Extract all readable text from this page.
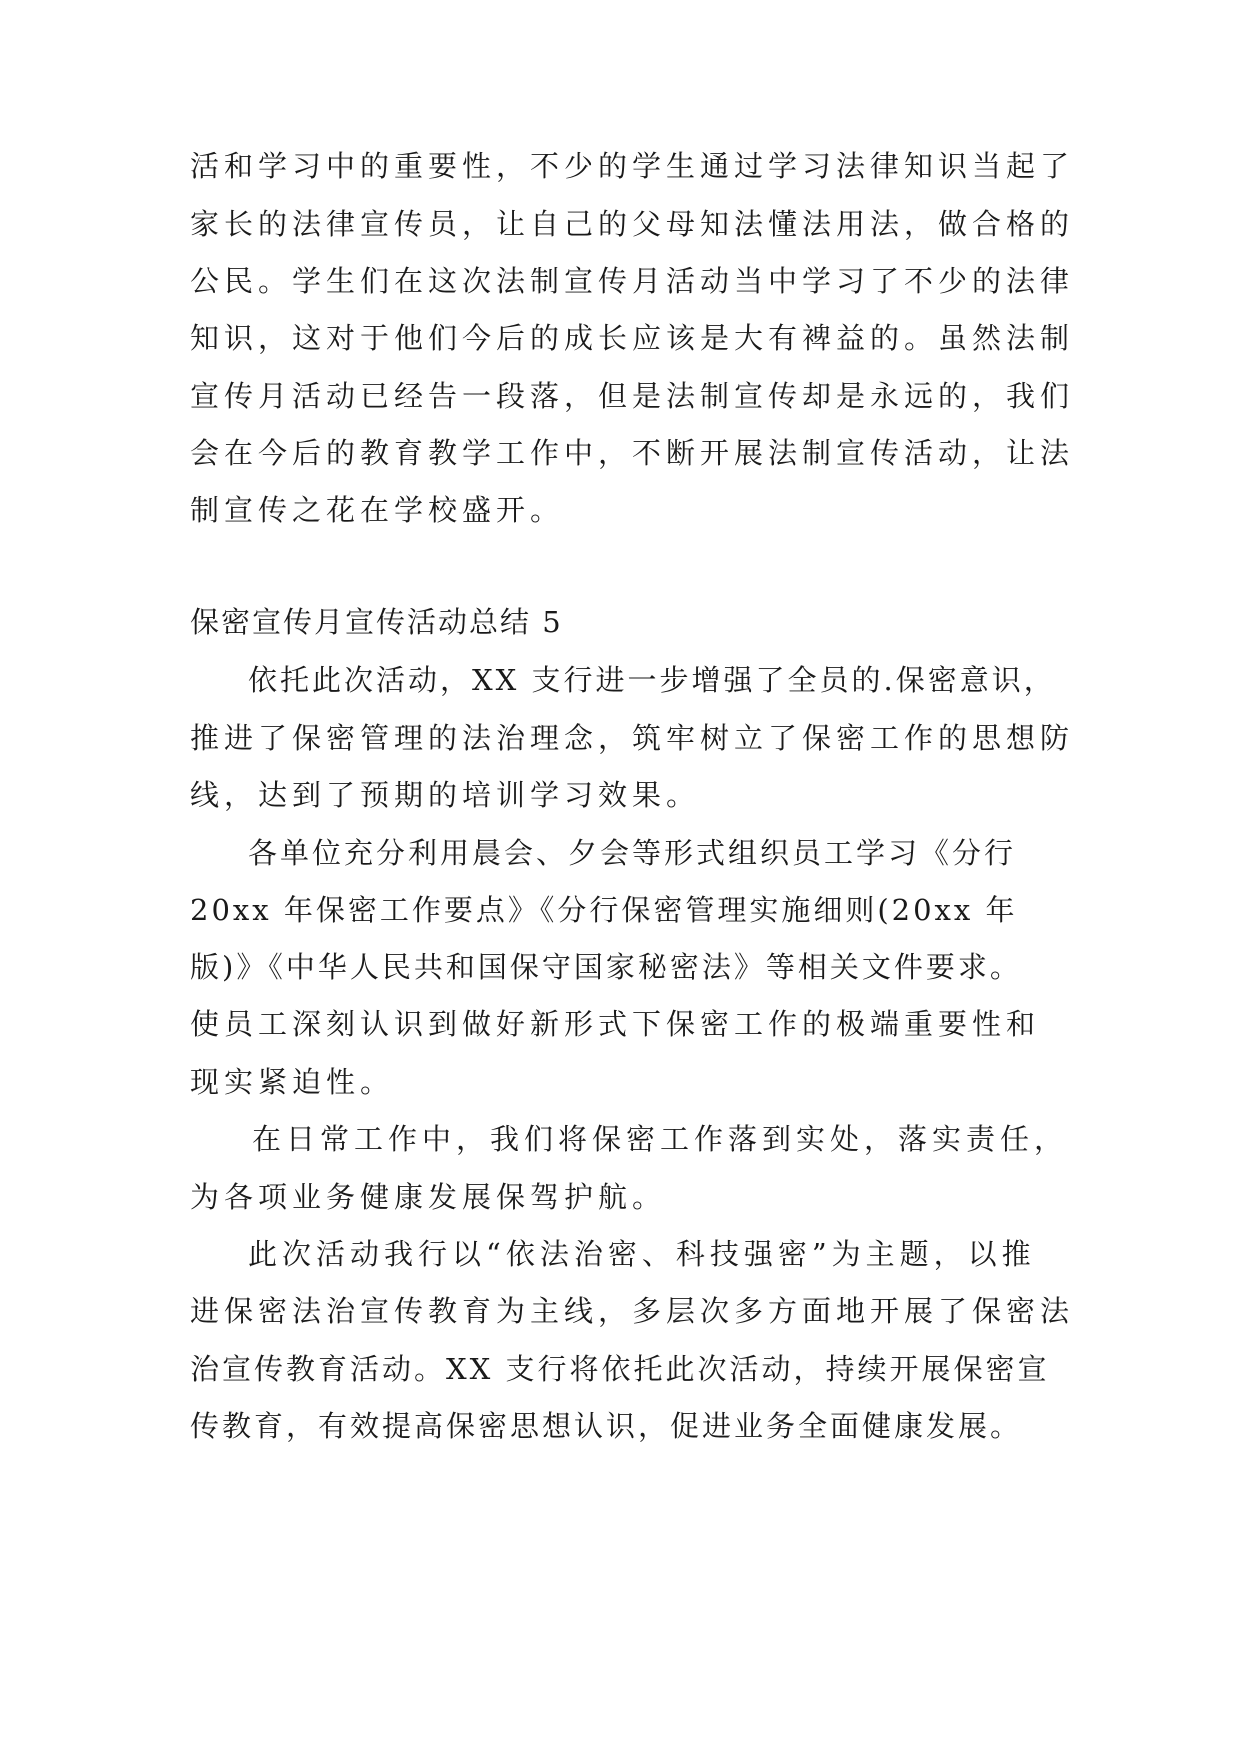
活和学习中的重要性，不少的学生通过学习法律知识当起了
家长的法律宣传员，让自己的父母知法懂法用法，做合格的
公民。学生们在这次法制宣传月活动当中学习了不少的法律
知识，这对于他们今后的成长应该是大有裨益的。虽然法制
宣传月活动已经告一段落，但是法制宣传却是永远的，我们
会在今后的教育教学工作中，不断开展法制宣传活动，让法
制宣传之花在学校盛开。
保密宣传月宣传活动总结 5
依托此次活动，XX 支行进一步增强了全员的.保密意识，
推进了保密管理的法治理念，筑牢树立了保密工作的思想防
线，达到了预期的培训学习效果。
各单位充分利用晨会、夕会等形式组织员工学习《分行
20xx 年保密工作要点》《分行保密管理实施细则(20xx 年
版)》《中华人民共和国保守国家秘密法》等相关文件要求。
使员工深刻认识到做好新形式下保密工作的极端重要性和
现实紧迫性。
在日常工作中，我们将保密工作落到实处，落实责任，
为各项业务健康发展保驾护航。
此次活动我行以“依法治密、科技强密”为主题，以推
进保密法治宣传教育为主线，多层次多方面地开展了保密法
治宣传教育活动。XX 支行将依托此次活动，持续开展保密宣
传教育，有效提高保密思想认识，促进业务全面健康发展。
